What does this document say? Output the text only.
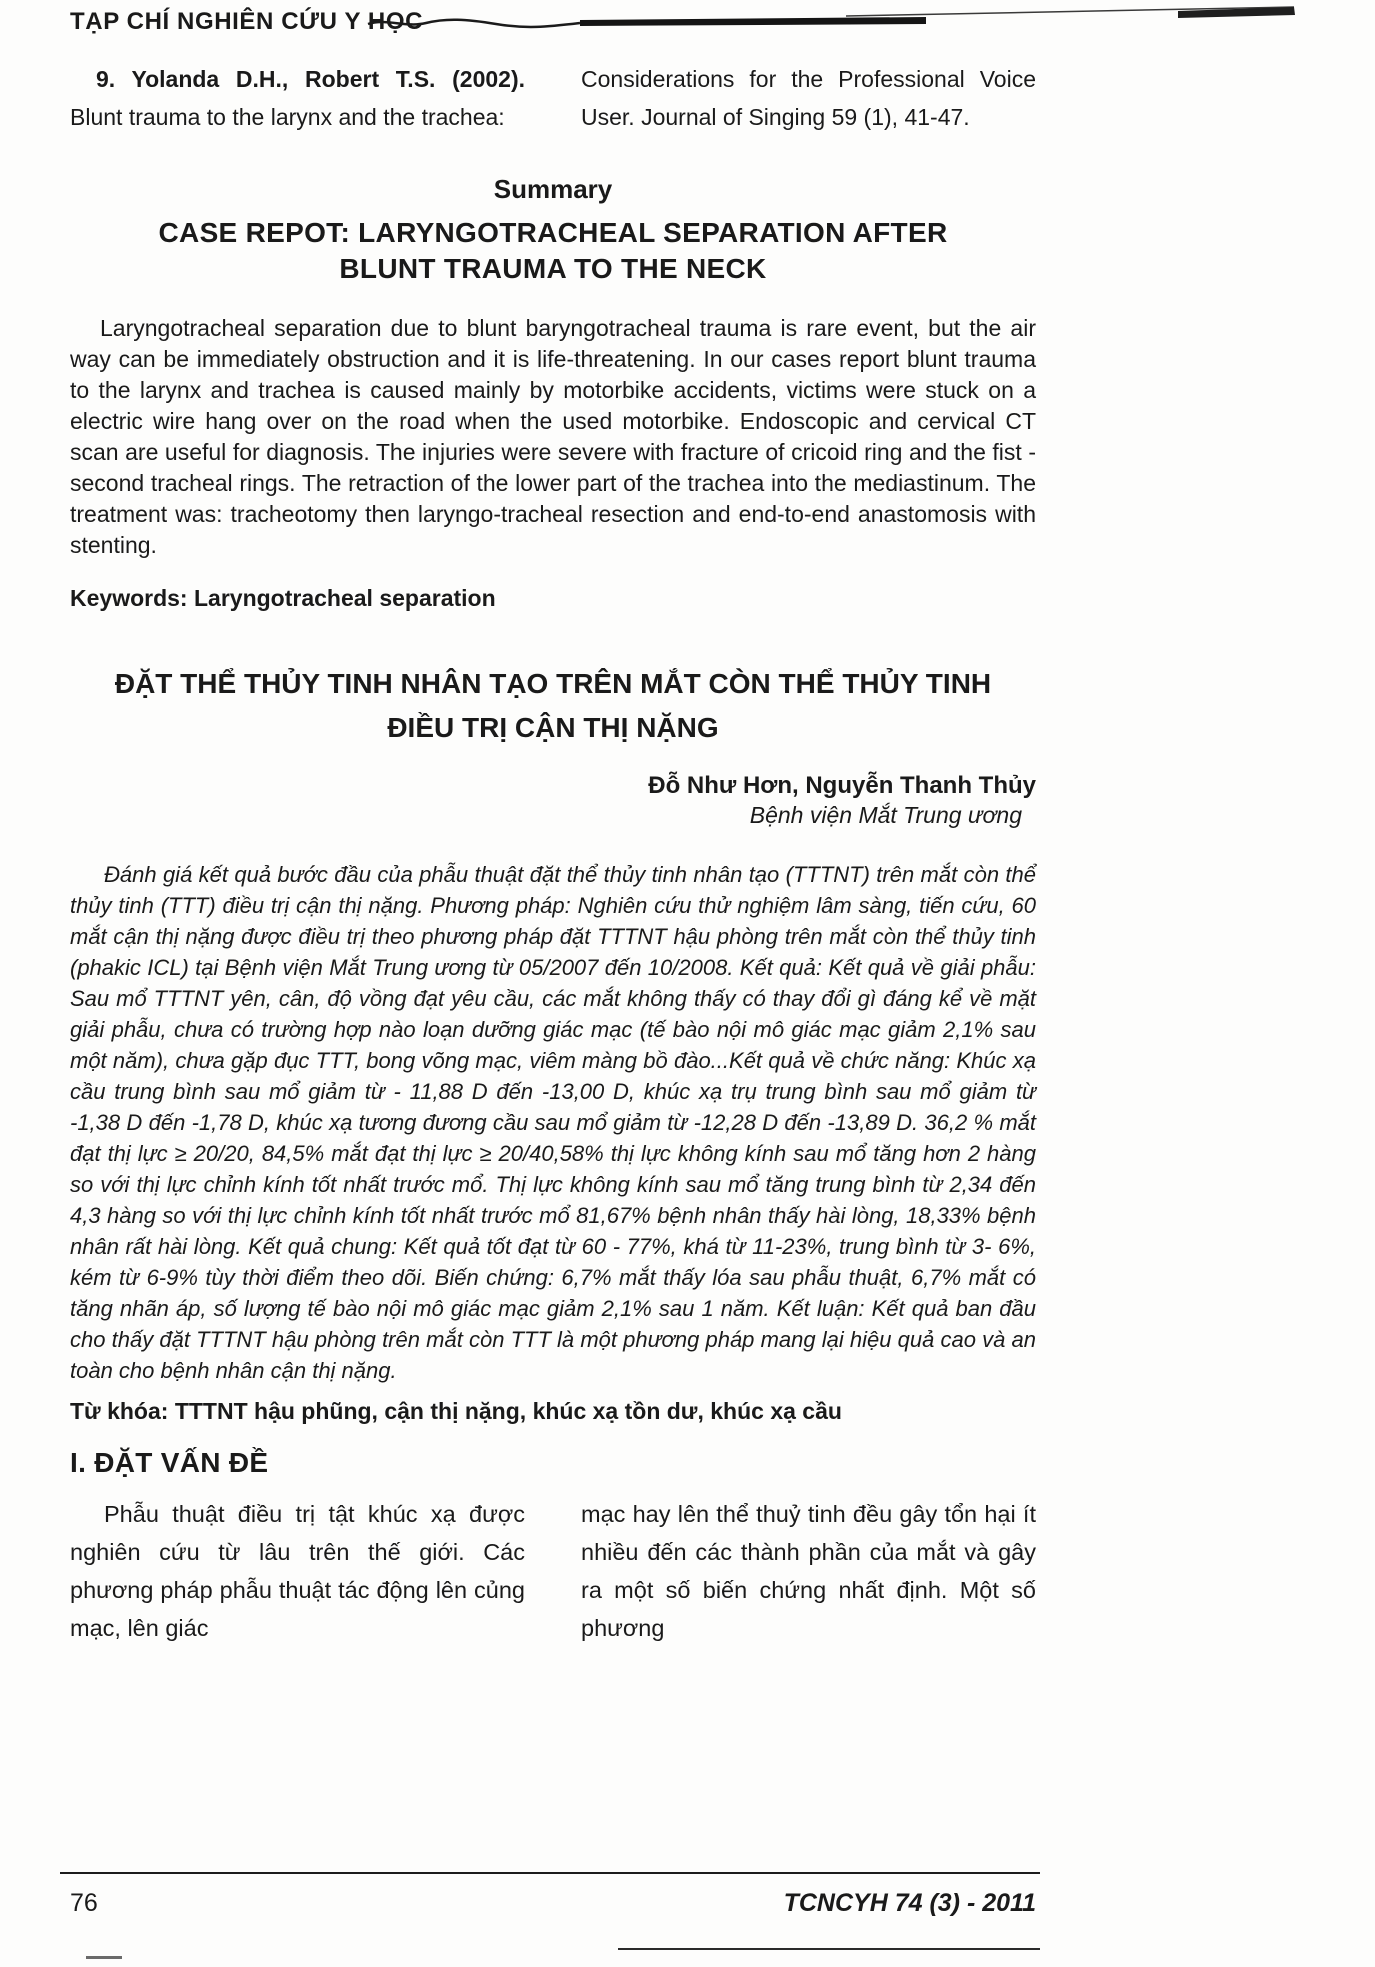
TẠP CHÍ NGHIÊN CỨU Y HỌC

9. Yolanda D.H., Robert T.S. (2002). Blunt trauma to the larynx and the trachea:

Considerations for the Professional Voice User. Journal of Singing 59 (1), 41-47.

Summary
CASE REPOT: LARYNGOTRACHEAL SEPARATION AFTER
BLUNT TRAUMA TO THE NECK

Laryngotracheal separation due to blunt baryngotracheal trauma is rare event, but the air way can be immediately obstruction and it is life-threatening. In our cases report blunt trauma to the larynx and trachea is caused mainly by motorbike accidents, victims were stuck on a electric wire hang over on the road when the used motorbike. Endoscopic and cervical CT scan are useful for diagnosis. The injuries were severe with fracture of cricoid ring and the fist - second tracheal rings. The retraction of the lower part of the trachea into the mediastinum. The treatment was: tracheotomy then laryngo-tracheal resection and end-to-end anastomosis with stenting.

Keywords: Laryngotracheal separation

ĐẶT THỂ THỦY TINH NHÂN TẠO TRÊN MẮT CÒN THỂ THỦY TINH
ĐIỀU TRỊ CẬN THỊ NẶNG

Đỗ Như Hơn, Nguyễn Thanh Thủy

Bệnh viện Mắt Trung ương

Đánh giá kết quả bước đầu của phẫu thuật đặt thể thủy tinh nhân tạo (TTTNT) trên mắt còn thể thủy tinh (TTT) điều trị cận thị nặng. Phương pháp: Nghiên cứu thử nghiệm lâm sàng, tiến cứu, 60 mắt cận thị nặng được điều trị theo phương pháp đặt TTTNT hậu phòng trên mắt còn thể thủy tinh (phakic ICL) tại Bệnh viện Mắt Trung ương từ 05/2007 đến 10/2008. Kết quả: Kết quả về giải phẫu: Sau mổ TTTNT yên, cân, độ vồng đạt yêu cầu, các mắt không thấy có thay đổi gì đáng kể về mặt giải phẫu, chưa có trường hợp nào loạn dưỡng giác mạc (tế bào nội mô giác mạc giảm 2,1% sau một năm), chưa gặp đục TTT, bong võng mạc, viêm màng bồ đào...Kết quả về chức năng: Khúc xạ cầu trung bình sau mổ giảm từ - 11,88 D đến -13,00 D, khúc xạ trụ trung bình sau mổ giảm từ -1,38 D đến -1,78 D, khúc xạ tương đương cầu sau mổ giảm từ -12,28 D đến -13,89 D. 36,2 % mắt đạt thị lực ≥ 20/20, 84,5% mắt đạt thị lực ≥ 20/40,58% thị lực không kính sau mổ tăng hơn 2 hàng so với thị lực chỉnh kính tốt nhất trước mổ. Thị lực không kính sau mổ tăng trung bình từ 2,34 đến 4,3 hàng so với thị lực chỉnh kính tốt nhất trước mổ 81,67% bệnh nhân thấy hài lòng, 18,33% bệnh nhân rất hài lòng. Kết quả chung: Kết quả tốt đạt từ 60 - 77%, khá từ 11-23%, trung bình từ 3- 6%, kém từ 6-9% tùy thời điểm theo dõi. Biến chứng: 6,7% mắt thấy lóa sau phẫu thuật, 6,7% mắt có tăng nhãn áp, số lượng tế bào nội mô giác mạc giảm 2,1% sau 1 năm. Kết luận: Kết quả ban đầu cho thấy đặt TTTNT hậu phòng trên mắt còn TTT là một phương pháp mang lại hiệu quả cao và an toàn cho bệnh nhân cận thị nặng.

Từ khóa: TTTNT hậu phũng, cận thị nặng, khúc xạ tồn dư, khúc xạ cầu

I. ĐẶT VẤN ĐỀ

Phẫu thuật điều trị tật khúc xạ được nghiên cứu từ lâu trên thế giới. Các phương pháp phẫu thuật tác động lên củng mạc, lên giác

mạc hay lên thể thuỷ tinh đều gây tổn hại ít nhiều đến các thành phần của mắt và gây ra một số biến chứng nhất định. Một số phương

76	TCNCYH 74 (3) - 2011
